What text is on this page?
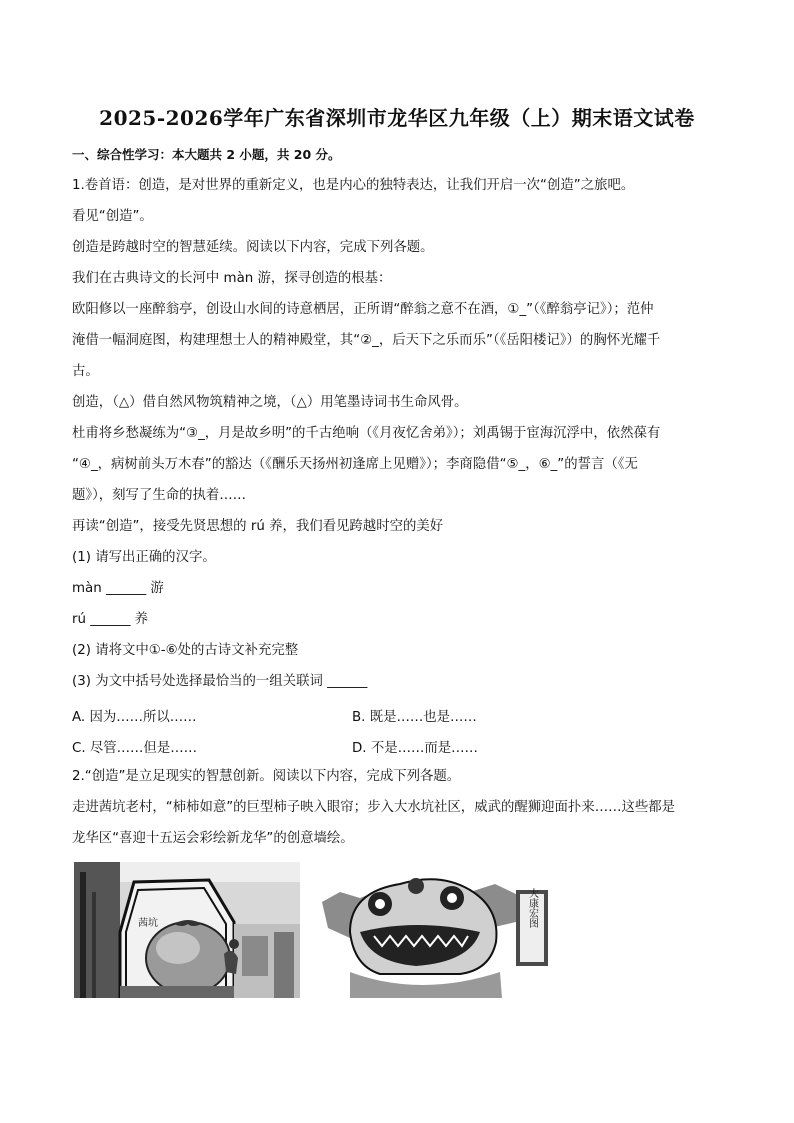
2025-2026学年广东省深圳市龙华区九年级（上）期末语文试卷
一、综合性学习：本大题共 2 小题，共 20 分。
1.卷首语：创造，是对世界的重新定义，也是内心的独特表达，让我们开启一次“创造”之旅吧。
看见“创造”。
创造是跨越时空的智慧延续。阅读以下内容，完成下列各题。
我们在古典诗文的长河中 màn 游，探寻创造的根基：
欧阳修以一座醉翁亭，创设山水间的诗意栖居，正所谓“醉翁之意不在酒，①_”（《醉翁亭记》）；范仲
淹借一幅洞庭图，构建理想士人的精神殿堂，其“②_，后天下之乐而乐”（《岳阳楼记》）的胸怀光耀千
古。
创造，（△）借自然风物筑精神之境，（△）用笔墨诗词书生命风骨。
杜甫将乡愁凝练为“③_，月是故乡明”的千古绝响（《月夜忆舍弟》）；刘禹锡于宦海沉浮中，依然葆有
“④_，病树前头万木春”的豁达（《酬乐天扬州初逢席上见赠》）；李商隐借“⑤_，⑥_”的誓言（《无
题》），刻写了生命的执着……
再读“创造”，接受先贤思想的 rú 养，我们看见跨越时空的美好
(1) 请写出正确的汉字。
màn ______ 游
rú ______ 养
(2) 请将文中①-⑥处的古诗文补充完整
(3) 为文中括号处选择最恰当的一组关联词 ______
A. 因为……所以……	B. 既是……也是……
C. 尽管……但是……	D. 不是……而是……
2.“创造”是立足现实的智慧创新。阅读以下内容，完成下列各题。
走进茜坑老村，“柿柿如意”的巨型柿子映入眼帘；步入大水坑社区，威武的醒狮迎面扑来……这些都是
龙华区“喜迎十五运会彩绘新龙华”的创意墙绘。
茜坑	大康宏图
